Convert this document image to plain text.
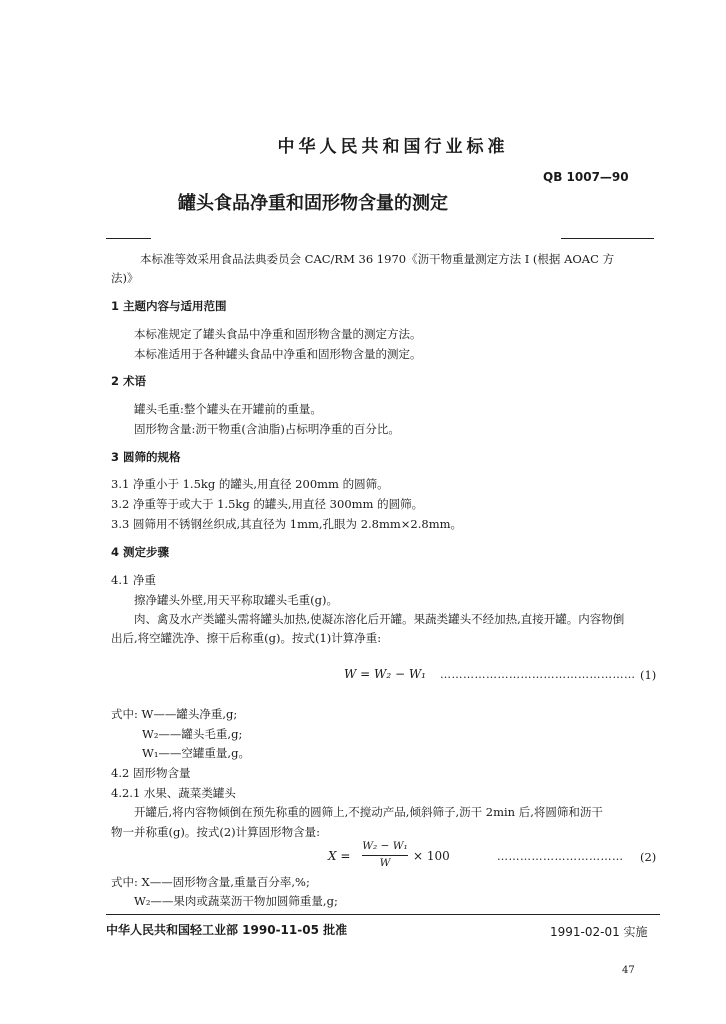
中华人民共和国行业标准
QB 1007—90
罐头食品净重和固形物含量的测定
本标准等效采用食品法典委员会 CAC/RM 36 1970《沥干物重量测定方法 I (根据 AOAC 方
法)》
1 主题内容与适用范围
本标准规定了罐头食品中净重和固形物含量的测定方法。
本标准适用于各种罐头食品中净重和固形物含量的测定。
2 术语
罐头毛重:整个罐头在开罐前的重量。
固形物含量:沥干物重(含油脂)占标明净重的百分比。
3 圆筛的规格
3.1 净重小于 1.5kg 的罐头,用直径 200mm 的圆筛。
3.2 净重等于或大于 1.5kg 的罐头,用直径 300mm 的圆筛。
3.3 圆筛用不锈钢丝织成,其直径为 1mm,孔眼为 2.8mm×2.8mm。
4 测定步骤
4.1 净重
擦净罐头外壁,用天平称取罐头毛重(g)。
肉、禽及水产类罐头需将罐头加热,使凝冻溶化后开罐。果蔬类罐头不经加热,直接开罐。内容物倒
出后,将空罐洗净、擦干后称重(g)。按式(1)计算净重:
W = W₂ − W₁ …………………………………………… (1)
式中: W——罐头净重,g;
W₂——罐头毛重,g;
W₁——空罐重量,g。
4.2 固形物含量
4.2.1 水果、蔬菜类罐头
开罐后,将内容物倾倒在预先称重的圆筛上,不搅动产品,倾斜筛子,沥干 2min 后,将圆筛和沥干
物一并称重(g)。按式(2)计算固形物含量:
X =
W₂ − W₁
W	× 100	…………………………… (2)
式中: X——固形物含量,重量百分率,%;
W₂——果肉或蔬菜沥干物加圆筛重量,g;
中华人民共和国轻工业部 1990-11-05 批准	1991-02-01 实施
47
